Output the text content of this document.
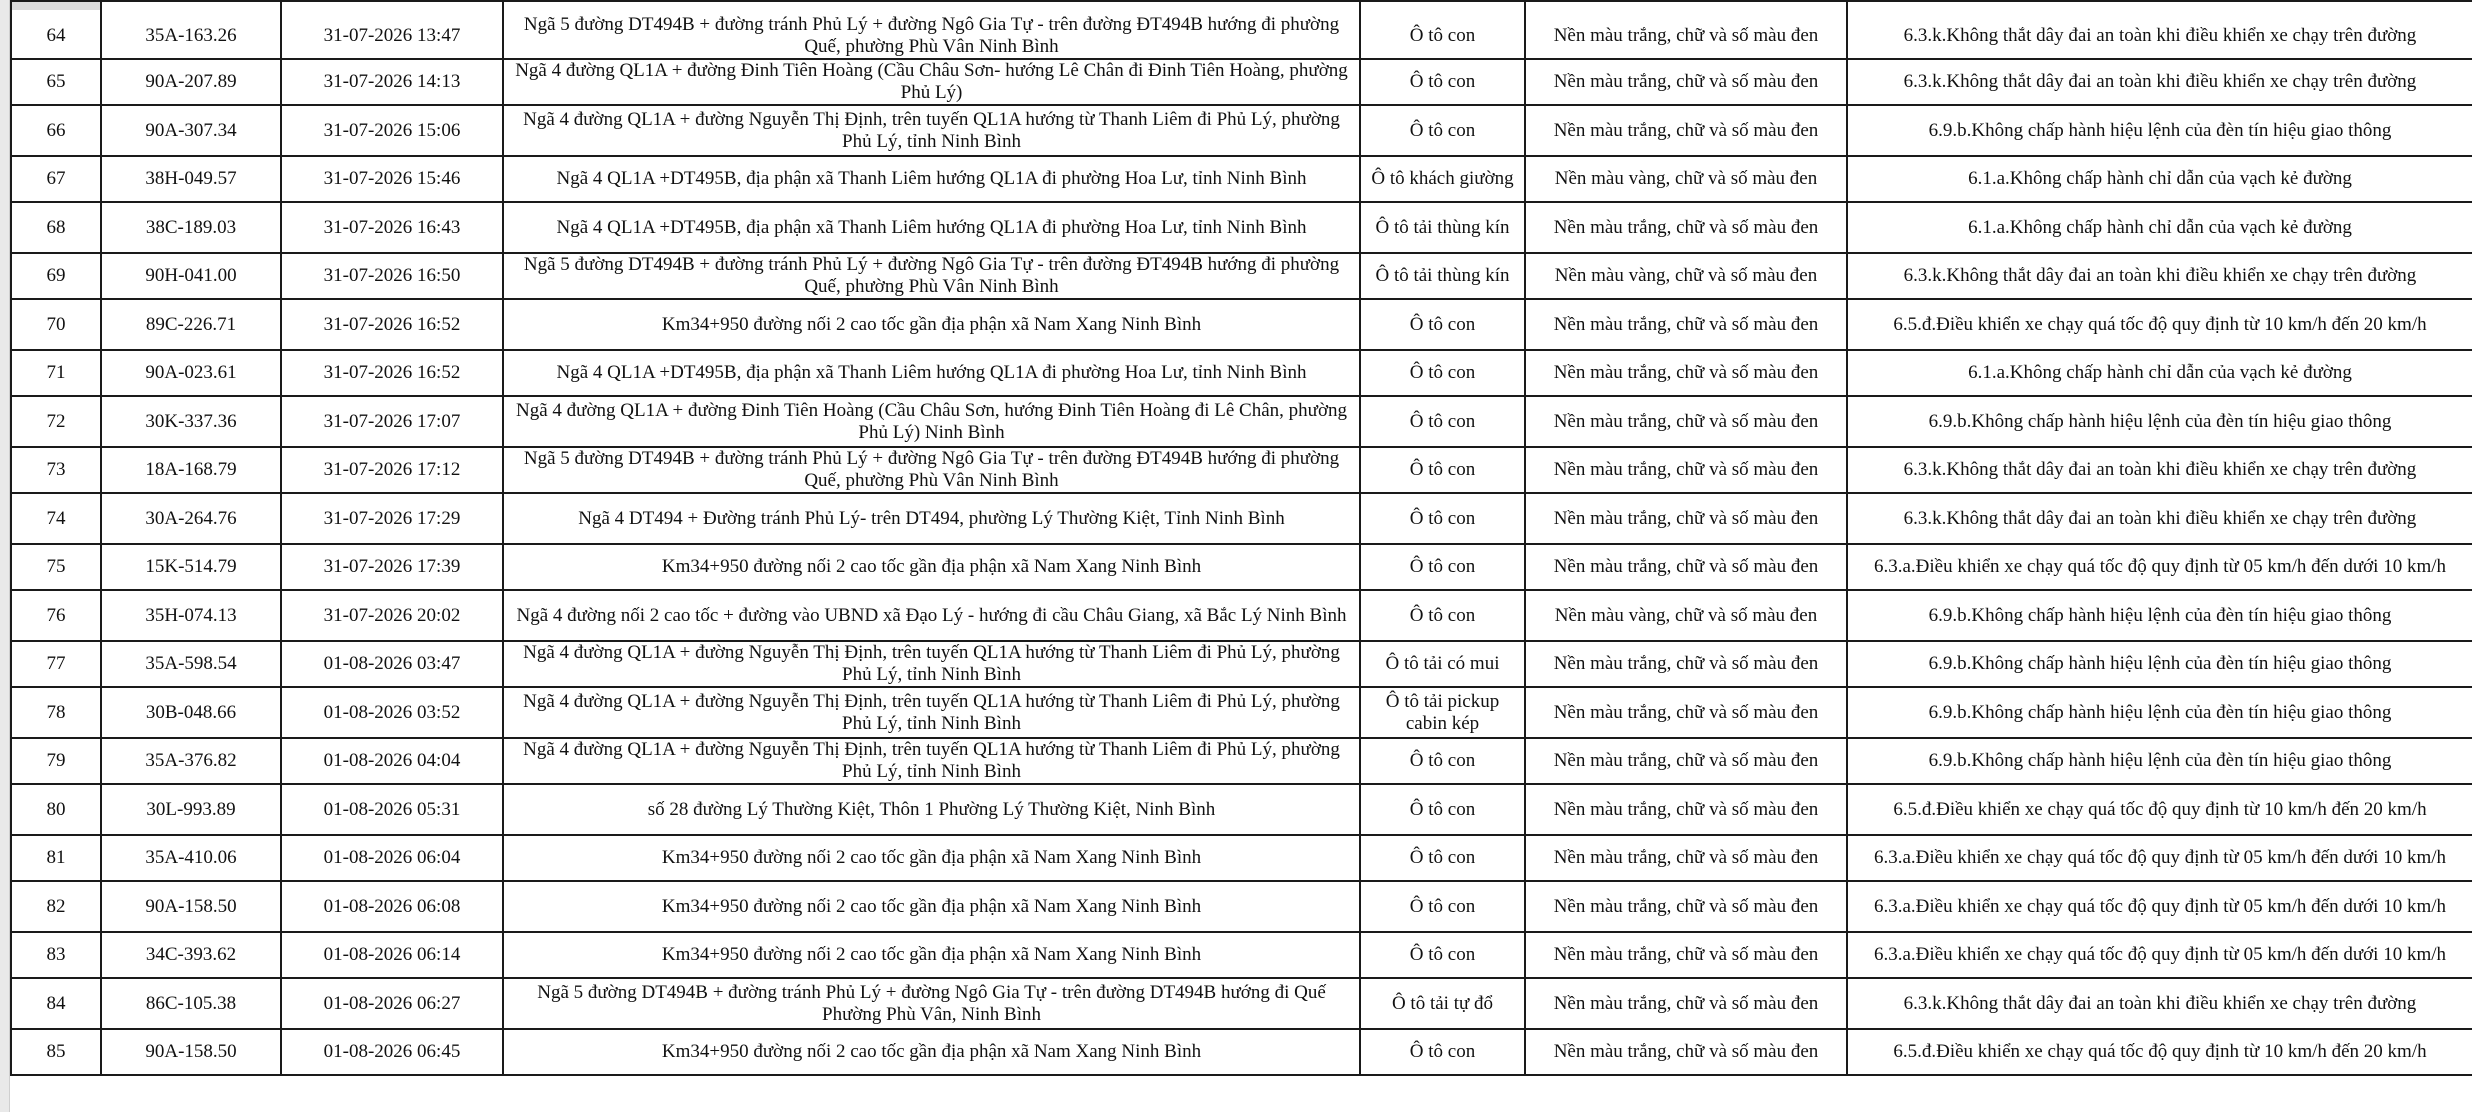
64	35A-163.26	31-07-2026 13:47	Ngã 5 đường DT494B + đường tránh Phủ Lý + đường Ngô Gia Tự - trên đường ĐT494B hướng đi phường Quế, phường Phù Vân Ninh Bình	Ô tô con	Nền màu trắng, chữ và số màu đen	6.3.k.Không thắt dây đai an toàn khi điều khiển xe chạy trên đường
65	90A-207.89	31-07-2026 14:13	Ngã 4 đường QL1A + đường Đinh Tiên Hoàng (Cầu Châu Sơn- hướng Lê Chân đi Đinh Tiên Hoàng, phường Phủ Lý)	Ô tô con	Nền màu trắng, chữ và số màu đen	6.3.k.Không thắt dây đai an toàn khi điều khiển xe chạy trên đường
66	90A-307.34	31-07-2026 15:06	Ngã 4 đường QL1A + đường Nguyễn Thị Định, trên tuyến QL1A hướng từ Thanh Liêm đi Phủ Lý, phường Phủ Lý, tỉnh Ninh Bình	Ô tô con	Nền màu trắng, chữ và số màu đen	6.9.b.Không chấp hành hiệu lệnh của đèn tín hiệu giao thông
67	38H-049.57	31-07-2026 15:46	Ngã 4 QL1A +DT495B, địa phận xã Thanh Liêm hướng QL1A đi phường Hoa Lư, tỉnh Ninh Bình	Ô tô khách giường	Nền màu vàng, chữ và số màu đen	6.1.a.Không chấp hành chỉ dẫn của vạch kẻ đường
68	38C-189.03	31-07-2026 16:43	Ngã 4 QL1A +DT495B, địa phận xã Thanh Liêm hướng QL1A đi phường Hoa Lư, tỉnh Ninh Bình	Ô tô tải thùng kín	Nền màu trắng, chữ và số màu đen	6.1.a.Không chấp hành chỉ dẫn của vạch kẻ đường
69	90H-041.00	31-07-2026 16:50	Ngã 5 đường DT494B + đường tránh Phủ Lý + đường Ngô Gia Tự - trên đường ĐT494B hướng đi phường Quế, phường Phù Vân Ninh Bình	Ô tô tải thùng kín	Nền màu vàng, chữ và số màu đen	6.3.k.Không thắt dây đai an toàn khi điều khiển xe chạy trên đường
70	89C-226.71	31-07-2026 16:52	Km34+950 đường nối 2 cao tốc gần địa phận xã Nam Xang Ninh Bình	Ô tô con	Nền màu trắng, chữ và số màu đen	6.5.đ.Điều khiển xe chạy quá tốc độ quy định từ 10 km/h đến 20 km/h
71	90A-023.61	31-07-2026 16:52	Ngã 4 QL1A +DT495B, địa phận xã Thanh Liêm hướng QL1A đi phường Hoa Lư, tỉnh Ninh Bình	Ô tô con	Nền màu trắng, chữ và số màu đen	6.1.a.Không chấp hành chỉ dẫn của vạch kẻ đường
72	30K-337.36	31-07-2026 17:07	Ngã 4 đường QL1A + đường Đinh Tiên Hoàng (Cầu Châu Sơn, hướng Đinh Tiên Hoàng đi Lê Chân, phường Phủ Lý) Ninh Bình	Ô tô con	Nền màu trắng, chữ và số màu đen	6.9.b.Không chấp hành hiệu lệnh của đèn tín hiệu giao thông
73	18A-168.79	31-07-2026 17:12	Ngã 5 đường DT494B + đường tránh Phủ Lý + đường Ngô Gia Tự - trên đường ĐT494B hướng đi phường Quế, phường Phù Vân Ninh Bình	Ô tô con	Nền màu trắng, chữ và số màu đen	6.3.k.Không thắt dây đai an toàn khi điều khiển xe chạy trên đường
74	30A-264.76	31-07-2026 17:29	Ngã 4 DT494 + Đường tránh Phủ Lý- trên DT494, phường Lý Thường Kiệt, Tỉnh Ninh Bình	Ô tô con	Nền màu trắng, chữ và số màu đen	6.3.k.Không thắt dây đai an toàn khi điều khiển xe chạy trên đường
75	15K-514.79	31-07-2026 17:39	Km34+950 đường nối 2 cao tốc gần địa phận xã Nam Xang Ninh Bình	Ô tô con	Nền màu trắng, chữ và số màu đen	6.3.a.Điều khiển xe chạy quá tốc độ quy định từ 05 km/h đến dưới 10 km/h
76	35H-074.13	31-07-2026 20:02	Ngã 4 đường nối 2 cao tốc + đường vào UBND xã Đạo Lý - hướng đi cầu Châu Giang, xã Bắc Lý Ninh Bình	Ô tô con	Nền màu vàng, chữ và số màu đen	6.9.b.Không chấp hành hiệu lệnh của đèn tín hiệu giao thông
77	35A-598.54	01-08-2026 03:47	Ngã 4 đường QL1A + đường Nguyễn Thị Định, trên tuyến QL1A hướng từ Thanh Liêm đi Phủ Lý, phường Phủ Lý, tỉnh Ninh Bình	Ô tô tải có mui	Nền màu trắng, chữ và số màu đen	6.9.b.Không chấp hành hiệu lệnh của đèn tín hiệu giao thông
78	30B-048.66	01-08-2026 03:52	Ngã 4 đường QL1A + đường Nguyễn Thị Định, trên tuyến QL1A hướng từ Thanh Liêm đi Phủ Lý, phường Phủ Lý, tỉnh Ninh Bình	Ô tô tải pickup cabin kép	Nền màu trắng, chữ và số màu đen	6.9.b.Không chấp hành hiệu lệnh của đèn tín hiệu giao thông
79	35A-376.82	01-08-2026 04:04	Ngã 4 đường QL1A + đường Nguyễn Thị Định, trên tuyến QL1A hướng từ Thanh Liêm đi Phủ Lý, phường Phủ Lý, tỉnh Ninh Bình	Ô tô con	Nền màu trắng, chữ và số màu đen	6.9.b.Không chấp hành hiệu lệnh của đèn tín hiệu giao thông
80	30L-993.89	01-08-2026 05:31	số 28 đường Lý Thường Kiệt, Thôn 1 Phường Lý Thường Kiệt, Ninh Bình	Ô tô con	Nền màu trắng, chữ và số màu đen	6.5.đ.Điều khiển xe chạy quá tốc độ quy định từ 10 km/h đến 20 km/h
81	35A-410.06	01-08-2026 06:04	Km34+950 đường nối 2 cao tốc gần địa phận xã Nam Xang Ninh Bình	Ô tô con	Nền màu trắng, chữ và số màu đen	6.3.a.Điều khiển xe chạy quá tốc độ quy định từ 05 km/h đến dưới 10 km/h
82	90A-158.50	01-08-2026 06:08	Km34+950 đường nối 2 cao tốc gần địa phận xã Nam Xang Ninh Bình	Ô tô con	Nền màu trắng, chữ và số màu đen	6.3.a.Điều khiển xe chạy quá tốc độ quy định từ 05 km/h đến dưới 10 km/h
83	34C-393.62	01-08-2026 06:14	Km34+950 đường nối 2 cao tốc gần địa phận xã Nam Xang Ninh Bình	Ô tô con	Nền màu trắng, chữ và số màu đen	6.3.a.Điều khiển xe chạy quá tốc độ quy định từ 05 km/h đến dưới 10 km/h
84	86C-105.38	01-08-2026 06:27	Ngã 5 đường DT494B + đường tránh Phủ Lý + đường Ngô Gia Tự - trên đường DT494B hướng đi Quế Phường Phù Vân, Ninh Bình	Ô tô tải tự đổ	Nền màu trắng, chữ và số màu đen	6.3.k.Không thắt dây đai an toàn khi điều khiển xe chạy trên đường
85	90A-158.50	01-08-2026 06:45	Km34+950 đường nối 2 cao tốc gần địa phận xã Nam Xang Ninh Bình	Ô tô con	Nền màu trắng, chữ và số màu đen	6.5.đ.Điều khiển xe chạy quá tốc độ quy định từ 10 km/h đến 20 km/h
